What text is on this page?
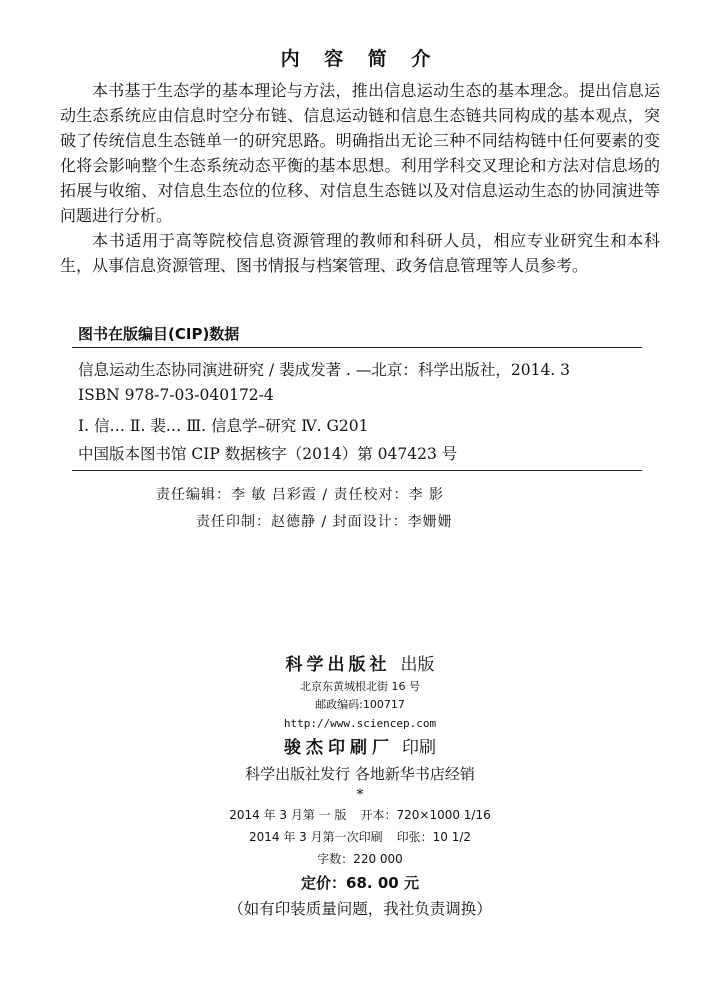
内 容 简 介

本书基于生态学的基本理论与方法，推出信息运动生态的基本理念。提出信息运动生态系统应由信息时空分布链、信息运动链和信息生态链共同构成的基本观点，突破了传统信息生态链单一的研究思路。明确指出无论三种不同结构链中任何要素的变化将会影响整个生态系统动态平衡的基本思想。利用学科交叉理论和方法对信息场的拓展与收缩、对信息生态位的位移、对信息生态链以及对信息运动生态的协同演进等问题进行分析。

本书适用于高等院校信息资源管理的教师和科研人员，相应专业研究生和本科生，从事信息资源管理、图书情报与档案管理、政务信息管理等人员参考。

图书在版编目(CIP)数据
信息运动生态协同演进研究 / 裴成发著 . —北京：科学出版社，2014. 3
ISBN 978-7-03-040172-4
Ⅰ. 信… Ⅱ. 裴… Ⅲ. 信息学–研究 Ⅳ. G201
中国版本图书馆 CIP 数据核字（2014）第 047423 号
责任编辑：李 敏 吕彩霞 / 责任校对：李 影
责任印制：赵德静 / 封面设计：李姗姗
科学出版社 出版
北京东黄城根北街 16 号
邮政编码:100717
http://www.sciencep.com
骏杰印刷厂 印刷
科学出版社发行 各地新华书店经销
*
2014 年 3 月第 一 版 开本：720×1000 1/16
2014 年 3 月第一次印刷 印张：10 1/2
字数：220 000
定价：68. 00 元
（如有印装质量问题，我社负责调换）
